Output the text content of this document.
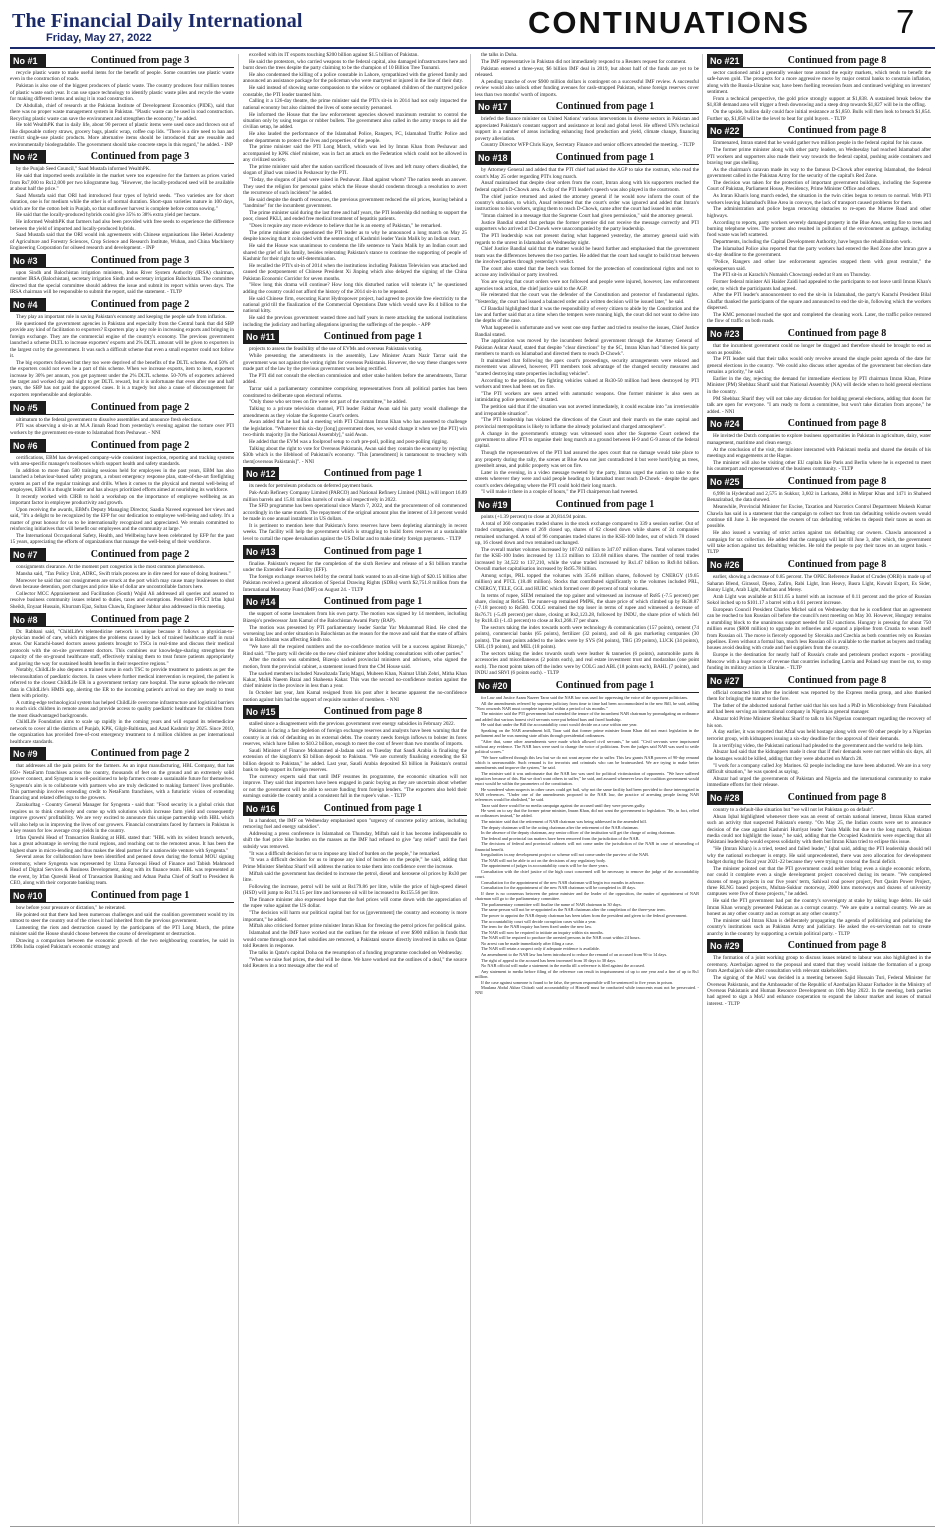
The Financial Daily International
Friday, May 27, 2022	CONTINUATIONS	7
No #1	Continued from page 3

recycle plastic waste to make useful items for the benefit of people. Some countries use plastic waste even in the construction of roads.

Pakistan is also one of the biggest producers of plastic waste. The country produces four million tonnes of plastic waste each year. It can use space technology to identify plastic waste piles and recycle the waste for making different items and using it in road construction.

Dr Abdullah, chief of research at the Pakistan Institute of Development Economics (PIDE), said that there was no proper waste management system in Pakistan. "Plastic waste can be used in road construction. Recycling plastic waste can save the environment and strengthen the economy," he added.

He told WealthPK that in daily life, about 90 percent of plastic items were used once and thrown out of like disposable cutlery straws, grocery bags, plastic wrap, coffee cup lids. "There is a dire need to ban and restrict single-use plastic products. More alternative items should be introduced that are reusable and environmentally biodegradable. The government should take concrete steps in this regard," he added. - INP

No #2	Continued from page 3

by the Punjab Seed Council," Saad Mustafa informed WealthPK.

He said that imported seeds available in the market were too expensive for the farmers as prices varied from Rs7,000 to Rs12,000 per two kilogramme bag. "However, the locally-produced seed will be available at about half the price."

Saad Mustafa said that ORI had introduced four types of hybrid seeds. "Two varieties are for short duration, one is for medium while the other is of normal duration. Short-span varieties mature in 100 days, which are for the cotton belt in Punjab, so that sunflower harvest is complete before cotton sowing."

He said that the locally-produced hybrids could give 35% to 38% extra yield per hectare.

He informed WealthPK that farmers had also been provided with free seeds to experience the difference between the yield of imported and locally-produced hybrids.

Saad Mustafa said that the ORI would ink agreements with Chinese organisations like Hebei Academy of Agriculture and Forestry Sciences, Crop Science and Research Institute, Wuhan, and China Machinery Engineering Corporation for oilseed research and development. - INP

No #3	Continued from page 3

upon Sindh and Balochistan irrigation ministers, Indus River System Authority (IRSA) chairman, member IRSA (Balochistan), secretary irrigation Sindh and secretary irrigation Balochistan. The committee directed that the special committee should address the issue and submit its report within seven days. The IRSA chairman will be responsible to submit the report, said the statement. - TLTP

No #4	Continued from page 2

They play an important role in saving Pakistan's economy and keeping the people safe from inflation.

He questioned the government agencies in Pakistan and especially from the Central bank that did SBP provide any kind of facilitation to exporters? Exporters play a key role in increasing exports and bringing in foreign exchange. They are the commercial engine of the country's economy. The previous government launched a scheme DLTL to increase exporters' exports and 2% DLTL amount will be given to exporters in the largest cut by the government. It was such a difficult scheme that even a small exporter could not follow it.

The big exporters followed but they too were deprived of the benefits of the DLTL scheme. And 50% of the exporters could not even be a part of this scheme. When we increase exports, item to item, exporters increase by 30% per annum, you get payment under the 2% DLTL scheme. 50-70% of exporters achieved the target and worked day and night to get DLTL reward, but it is unfortunate that even after one and half years, the SBP has not paid the approved cases. It is a tragedy but also a cause of discouragement for exporters reprehensible and deplorable.

No #5	Continued from page 2

ultimatum to the federal government to dissolve assemblies and announce fresh elections.

PTI was observing a sit-in at M.A Jinnah Road from yesterday's evening against the torture over PTI workers by the government en-route to Islamabad from Peshawar. - NNI

No #6	Continued from page 2

certifications, EBM has developed company-wide consistent inspection, reporting and tracking systems with area-specific manager's toolboxes which support health and safety standards.

In addition to more than 580 training sessions held for employees in the past years, EBM has also launched a behaviour-based safety program, a robust emergency response plan, state-of-the-art firefighting system as part of the regular trainings and drills. When it comes to the physical and mental well-being of employees, EBM is a thought leader and has always prioritized efforts aimed at nourishing its workforce.

It recently worked with CIRB to hold a workshop on the importance of employee wellbeing as an important factor in employee productivity and growth.

Upon receiving the awards, EBM's Deputy Managing Director, Saadia Naveed expressed her views and said, "It's a delight to be recognized by the EFP for our dedication to employee well-being and safety. It's a matter of great honour for us to be internationally recognized and appreciated. We remain committed to reinforcing initiatives that will benefit our employees and the community at large."

The International Occupational Safety, Health, and Wellbeing have been celebrated by EFP for the past 15 years, appreciating the efforts of organizations that manage the well-being of their workforce.

No #7	Continued from page 2

consignments clearance. At the moment port congestion is the most common phenomenon.

Mansha said, "Tax Policy Unit, ADRC, Swift trials process are in dire need for ease of doing business."

Moreover he said that our consignments are struck at the port which may cause many businesses to shut down because detention, port charges and price hike of dollar are uncontrollable factors here.

Collector MCC Appraisement and Facilitation (South) Wajid Ali addressed all queries and assured to resolve business community issues related to duties, taxes and exemptions. President FPCCI Irfan Iqbal Sheikh, Enyaat Hussain, Khurram Ejaz, Sultan Chawla, Engineer Jabbar also addressed in this meeting.

No #8	Continued from page 2

Dr. Rabbani said, "ChildLife's telemedicine network is unique because it follows a physician-to-physician model of care, which mitigates the problems caused by lack of trained healthcare staff in rural areas. Our Karachi-based doctors assess patients brought to TSCs in real-time and discuss their medical protocols with the on-site government doctors. This combines our knowledge-sharing strengthens the capacity of the on-ground healthcare staff, effectively training them to treat future patients appropriately and paving the way for sustained health benefits in their respective regions."

Notably, ChildLife also deputes a trained nurse in each TSC to provide treatment to patients as per the teleconsultation of paediatric doctors. In cases where further medical intervention is required, the patient is referred to the closest ChildLife ER in a government tertiary care hospital. The nurse uploads the relevant data in ChildLife's HMIS app, alerting the ER to the incoming patient's arrival so they are ready to treat them with priority.

A cutting-edge technological system has helped ChildLife overcome infrastructure and logistical barriers to reach sick children in remote areas and provide access to quality paediatric healthcare for children from the most disadvantaged backgrounds.

ChildLife Foundation aims to scale up rapidly in the coming years and will expand its telemedicine network to cover all the districts of Punjab, KPK, Gilgit-Baltistan, and Azad Kashmir by 2025. Since 2010, the organization has provided free-of-cost emergency treatment to 4 million children as per international healthcare standards.

No #9	Continued from page 2

that addresses all the pain points for the farmers. As an input manufacturing, HBL Company, that has 850+ NetaFarm franchises across the country, thousands of feet on the ground and an extremely solid grower connect, and Syngenta is well-positioned to help farmers create a sustainable future for themselves. Syngenta's aim is to collaborate with partners who are truly dedicated to making farmers' lives profitable. This partnership involves extending credit to NetaFarm franchises, with a futuristic vision of extending financing and related offerings to the growers.

Zarakurltag - Country General Manager for Syngenta - said that: "Food security is a global crisis that requires us to think creatively and come up with solutions which increase farm yield and consequently improve growers' profitability. We are very excited to announce this unique partnership with HBL which will also help us in improving the lives of our growers. Financial constraints faced by farmers in Pakistan is a key reason for low average crop yields in the country.

Irfan Qureshi Head of Transaction Banking at HBL stated that: "HBL with its widest branch network, has a great advantage in serving the rural regions, and reaching out to the remotest areas. It has been the highest share in micro-lending and thus makes the ideal partner for a nationwide venture with Syngenta."

Several areas for collaboration have been identified and penned down during the formal MOU signing ceremony, where Syngenta was represented by Uzma Farooqui Head of Finance and Tabish Mahmood Head of Digital Services & Business Development, along with its finance team. HBL was represented at the event, by Irfan Qureshi Head of Transaction Banking and Adnan Pasha Chief of Staff to President & CEO, along with their corporate banking team.

No #10	Continued from page 1

bow before your pressure or dictation," he reiterated.

He pointed out that there had been numerous challenges and said the coalition government would try its utmost to steer the country out of the crises it had inherited from the previous government.

Lamenting the riots and destruction caused by the participants of the PTI Long March, the prime minister said the House should choose between the course of development or destruction.

Drawing a comparison between the economic growth of the two neighbouring countries, he said in 1990s India copied Pakistan's economic strategy and

excelled with its IT exports touching $200 billion against $1.5 billion of Pakistan.

He said the protestors, who carried weapons to the federal capital, also damaged infrastructures here and burnt down the trees despite the party claiming to be the champion of 10 Billion Tree Tsunami.

He also condemned the killing of a police constable in Lahore, sympathized with the grieved family and announced an assistance package for the policeman who were martyred or injured in the line of their duty.

He said instead of showing some compassion to the widow or orphaned children of the martyred police constable, the PTI leader taunted him.

Calling it a 126-day theatre, the prime minister said the PTI's sit-in in 2014 had not only impacted the national economy but also claimed the lives of some security personnel.

He informed the House that the law enforcement agencies showed maximum restraint to control the situation only by using teargas or rubber bullets. The government also called in the army troops to aid the civilian setup, he added.

He also lauded the performance of the Islamabad Police, Rangers, FC, Islamabad Traffic Police and other departments to protect the lives and properties of the people.

The prime minister said the PTI Long March, which was led by Imran Khan from Peshawar and accompanied by KPK chief minister, was in fact an attack on the Federation which could not be allowed in any civilized society.

The prime minister said after the nation sacrificed thousands of lives and left many others disabled, the slogan of jihad was raised in Peshawar by the PTI.

"Today, the slogans of jihad were raised in Peshawar. Jihad against whom? The nation needs an answer. They used the religion for personal gains which the House should condemn through a resolution to avert the recurrence of such incidents" he added.

He said despite the dearth of resources, the previous government reduced the oil prices, leaving behind a "landmine" for the incumbent government.

The prime minister said during the last three and half years, the PTI leadership did nothing to support the poor, closed PKLI, and ended free medical treatment of hepatitis patients.

"Does it require any more evidence to believe that he is an enemy of Pakistan," he remarked.

The prime minister also questioned the PTI leader as to why he announced a long march on May 25 despite knowing that it coincided with the sentencing of Kashmiri leader Yasin Malik by an Indian court.

He said the House was unanimous to condemn the life sentence to Yasin Malik by an Indian court and shared the grief of his family, besides reiterating Pakistan's stance to continue the supporting of people of Kashmir for their right to self-determination.

He recalled the PTI's sit-in of 2014 when the institutions including Pakistan Television was attacked and caused the postponement of Chinese President Xi Jinping which also delayed the signing of the China Pakistan Economic Corridor for seven months.

"How long this drama will continue? How long this disturbed nation will tolerate it," he questioned adding the country could not afford the history of the 2014 sit-in to be repeated.

He said Chinese firm, executing Karot Hydropower project, had agreed to provide free electricity to the national grid till the finalization of the Commercial Operations Date which would save Rs 4 billion to the national kitty.

He said the previous government wasted three and half years in mere attacking the national institutions including the judiciary and hurling allegations ignoring the sufferings of the people. - APP

No #11	Continued from page 1

projects to assess the feasibility of the use of EVMs and overseas Pakistanis voting.

While presenting the amendments in the assembly, Law Minister Azam Nazir Tarrar said the government was not against the voting rights for overseas Pakistanis. However, the way these changes were made part of the law by the previous government was being rectified.

The PTI did not consult the election commission and other stake holders before the amendments, Tarrar added.

Tarrar said a parliamentary committee comprising representatives from all political parties has been constituted to deliberate upon electoral reforms.

"Only those who set trees on fire were not part of the committee," he added.

Talking to a private television channel, PTI leader Fakhar Awan said his party would challenge the amendments as they violate the Supreme Court's orders.

Awan added that he had had a meeting with PTI Chairman Imran Khan who has assented to challenge the legislation. "Whatever this six-day [long] government does, we would change it when we [the PTI] win two-thirds majority [in the National Assembly]," said Awan.

He added that the EVM was a foolproof setup to curb pre-poll, polling and post-polling rigging.

Talking about the right to vote for Overseas Pakistanis, Awan said they contain the economy by rejecting $30b which is the lifeblood of Pakistani's economy. "This [amendment] is tantamount to treachery with them[overseas Pakistanis]". - NNI

No #12	Continued from page 1

its needs for petroleum products on deferred payment basis.

Pak-Arab Refinery Company Limited (PARCO) and National Refinery Limited (NRL) will import 16.89 million barrels and 15.81 million barrels of crude oil respectively in 2022.

The SFD programme has been operational since March 7, 2022, and the procurement of oil commenced accordingly in the same month. The repayment of the original amount plus the interest of 3.8 percent would be made in one annual instalment in US dollars.

It is pertinent to mention here that Pakistan's forex reserves have been depleting alarmingly in recent weeks. The facility will help the government which is struggling to build forex reserves at a sustainable level to curtail the rupee devaluation against the US Dollar and to make timely foreign payments. - TLTP

No #13	Continued from page 1

finalise. Pakistan's request for the completion of the sixth Review and release of a $1 billion tranche under the Extended Fund Facility (EFF).

The foreign exchange reserves held by the central bank wanted to an all-time high of $20.15 billion after Pakistan received a general allocation of Special Drawing Rights (SDRs) worth $2,751.8 million from the International Monetary Fund (IMF) on August 24. - TLTP

No #14	Continued from page 1

the support of some lawmakers from his own party. The motion was signed by 14 members, including Bizenjo's predecessor Jam Kamal of the Balochistan Awami Party (BAP).

The motion was presented by PTI parliamentary leader Sardar Yar Muhammad Rind. He cited the worsening law and order situation in Balochistan as the reason for the move and said that the state of affairs on in Balochistan was affecting Sindh too.

"We have all the required numbers and the no-confidence motion will be a success against Bizenjo," Rind said. "The party will decide on the new chief minister after holding consultations with other parties."

After the motion was submitted, Bizenjo sacked provincial ministers and advisers, who signed the motion, from the provincial cabinet, a statement issued from the CM House said.

The sacked members included Nawabzada Tariq Magsi, Mubeen Khan, Naimat Ullah Zehri, Mitha Khan Kakar, Malik Naeem Bazai and Shaheena Kakar. This was the second no-confidence motion against the chief minister in the province in less than a year.

In October last year, Jam Kamal resigned from his post after it became apparent the no-confidence motion against him had the support of requisite number of members. - NNI

No #15	Continued from page 8

stalled since a disagreement with the previous government over energy subsidies in February 2022.

Pakistan is facing a fast depletion of foreign exchange reserves and analysts have been warning that the country is at risk of defaulting on its external debts. The country needs foreign inflows to bolster its forex reserves, which have fallen to $10.2 billion, enough to meet the cost of fewer than two months of imports.

Saudi Minister of Finance Mohammed al-Jadaan said on Tuesday that Saudi Arabia is finalising the extension of the kingdom's $3 billion deposit to Pakistan. "We are currently finalising extending the $3 billion deposit to Pakistan," he added. Last year, Saudi Arabia deposited $3 billion in Pakistan's central bank to help support its foreign reserves.

The currency experts said that until IMF resumes its programme, the economic situation will not improve. They said that importers have been engaged in panic buying as they are uncertain about whether or not the government will be able to secure funding from foreign lenders. "The exporters also held their earnings outside the country amid a consistent fall in the rupee's value. - TLTP

No #16	Continued from page 1

In a handout, the IMF on Wednesday emphasised upon "urgency of concrete policy actions, including removing fuel and energy subsidies".

Addressing a press conference in Islamabad on Thursday, Miftah said it has become indispensable to shift the fuel price hike burden on the masses as the IMF had refused to give "any relief" until the fuel subsidy was removed.

"It was a difficult decision for us to impose any kind of burden on the people," he remarked.

"It was a difficult decision for us to impose any kind of burden on the people," he said, adding that Prime Minister Shehbaz Sharif will address the nation to take them into confidence over the increase.

Miftah said the government has decided to increase the petrol, diesel and kerosene oil prices by Rs30 per litre.

Following the increase, petrol will be sold at Rs179.86 per litre, while the price of high-speed diesel (HSD) will jump to Rs174.15 per litre and kerosene oil will be increased to Rs155.56 per litre.

The finance minister also expressed hope that the fuel prices will come down with the appreciation of the rupee value against the US dollar.

"The decision will harm our political capital but for us [government] the country and economy is more important," he added.

Miftah also criticised former prime minister Imran Khan for freezing the petrol prices for political gains.

Islamabad and the IMF have worked out the outlines for the release of over $900 million in funds that would come through once fuel subsidies are removed, a Pakistani source directly involved in talks on Qatar told Reuters in response.

The talks in Qatar's capital Doha on the resumption of a funding programme concluded on Wednesday.

"When we raise fuel prices, the deal will be done. We have worked out the outlines of a deal," the source told Reuters in a text message after the end of

the talks in Doha.

The IMF representative in Pakistan did not immediately respond to a Reuters request for comment.

Pakistan entered a three-year, $6 billion IMF deal in 2019, but about half of the funds are yet to be released.

A pending tranche of over $900 million dollars is contingent on a successful IMF review. A successful review would also unlock other funding avenues for cash-strapped Pakistan, whose foreign reserves cover less than two months' worth of imports.

No #17	Continued from page 1

briefed the finance minister on United Nations' various interventions in diverse sectors in Pakistan and appreciated Pakistan's constant support and assistance at local and global level. He offered UN's technical support in a number of areas including enhancing food production and yield, climate change, financing poverty alleviation.

Country Director WFP Chris Kaye, Secretary Finance and senior officers attended the meeting. - TLTP

No #18	Continued from page 1

by Attorney General and added that the PTI chief had asked the AGP to take the rostrum, who read the court's May 25 order regarding PTI's long march.

Ansaf maintained that despite clear orders from the court, Imran along with his supporters reached the federal capital's D-Chowk area. A clip of the PTI leader's speech was also played in the courtroom.

The chief justice returned and asked the attorney general if he would now inform the court of the country's situation, to which, Ansaf reiterated that the court's order was ignored and added that Imran's instructions to his workers, urging them to reach D-Chowk, came after the court had issued its order.

"Imran claimed in a message that the Supreme Court had given permission," said the attorney general.

Justice Bandial stated that perhaps the former premier did not receive the message correctly and PTI supporters who arrived at D-Chowk were unaccompanied by the party leadership.

The PTI leadership was not present during what happened yesterday, the attorney general said with regards to the unrest in Islamabad on Wednesday night.

Chief Justice Bandial said that the matter would be heard further and emphasised that the government team was the differences between the two parties. He added that the court had sought to build trust between the involved parties through yesterday's verdict.

The court also stated that the bench was formed for the protection of constitutional rights and not to accuse any individual or party involved.

You are saying that court orders were not followed and people were injured, however, law enforcement agencies took action, the chief justice said to the AGP.

He reiterated that the court was the defender of the Constitution and protector of fundamental rights. "Yesterday, the court had issued a balanced order and a written decision will be issued later," he said.

CJ Bandial highlighted that it was the responsibility of every citizen to abide by the Constitution and the law and further said that at a time when the tempers were running high, the court did not want to delve into the depths of the case.

What happened is unfortunate and we went one step further and tried to resolve the issues, Chief Justice Bandial stated.

The application was moved by the incumbent federal government through the Attorney General of Pakistan Ashtar Ausaf, stated that despite "clear directions" by the SC, Imran Khan had "directed his party members to march on Islamabad and directed them to reach D-Chowk".

It maintained that following the apex court's proceedings, security arrangements were relaxed and movement was allowed, however, PTI members took advantage of the changed security measures and "started destroying state properties including vehicles".

According to the petition, fire fighting vehicles valued at Rs30-50 million had been destroyed by PTI workers and trees had been set on fire.

"The PTI workers are seen armed with automatic weapons. One former minister is also seen as intimidating police personnel," it stated.

The petition said that if the situation was not averted immediately, it could escalate into "an irretrievable and irreparable situation".

"The PTI leadership has violated the directions of the Court and their march on the state capital and provincial metropolitans is likely to inflame the already polarised and charged atmosphere".

A change in the government's strategy was witnessed soon after the Supreme Court ordered the government to allow PTI to organise their long march at a ground between H-9 and G-9 areas of the federal capital.

Though the representatives of the PTI had assured the apex court that no damage would take place to any property during the rally, the scenes at Blue Area not just contradicted it but were horrifying as trees, greenbelt areas, and public property was set on fire.

Later in the evening, in a video message tweeted by the party, Imran urged the nation to take to the streets wherever they were and said people heading to Islamabad must reach D-Chowk - despite the apex court's orders delegating where the PTI could hold their long march.

"I will make it there in a couple of hours," the PTI chairperson had tweeted.

No #19	Continued from page 1

points (+1.39 percent) to close at 20,814.94 points.

A total of 360 companies traded shares in the stock exchange compared to 339 a session earlier. Out of traded companies, shares of 269 closed up, shares of 62 closed down while shares of 24 companies remained unchanged. A total of 96 companies traded shares in the KSE-100 Index, out of which 78 closed up, 16 closed down and two remained unchanged.

The overall market volumes increased by 107.02 million to 347.07 million shares. Total volumes traded for the KSE-100 Index increased by 13.13 million to 133.68 million shares. The number of total trades increased by 34,522 to 137,210, while the value traded increased by Rs1.47 billion to Rs9.04 billion. Overall market capitalisation increased by Rs95.78 billion.

Among scrips, PRL topped the volumes with 35.66 million shares, followed by CNERGY (19.65 million) and PTCL (18.48 million). Stocks that contributed significantly to the volumes included PRL, CNERGY, TELE, GGL and HUBC which formed over 40 percent of total volumes.

In terms of rupee, SIEM remained the top gainer and witnessed an increase of Rs85 (-7.5 percent) per share, closing at Rs645. The runner-up remained PMPK, the share price of which climbed up by Rs38.87 (-7.18 percent) to Rs580. COLG remained the top loser in terms of rupee and witnessed a decrease of Rs76.71 (-5.49 percent) per share, closing at Rs2,123.28, followed by INDU, the share price of which fell by Rs18.43 (-1.43 percent) to close at Rs1,268.17 per share.

The sectors taking the index towards north were technology & communication (157 points), cement (74 points), commercial banks (65 points), fertilizer (32 points), and oil & gas marketing companies (30 points). The most points added to the index were by SYS (94 points), TRG (39 points), LUCK (34 points), UBL (19 points), and MEL (18 points).

The sectors taking the index towards south were leather & tanneries (6 points), automobile parts & accessories and miscellaneous (2 points each), and real estate investment trust and modarabas (one point each). The most points taken off the index were by COLG and ABL (18 points each), BAHL (7 points), and INDU and SRVI (6 points each). - TLTP

No #20	Continued from page 1

for Law and Justice Azam Nazeer Tarar said the NAB law was used for oppressing the voice of the opponent politicians.

All the amendments referred by supreme judiciary from time to time had been accommodated in the new Bill, he said, adding "Now onwards NAB must complete inquiries within a period of six months."

The minister said the PTI government had extended the tenure of the incumbent NAB chairman by promulgating an ordinance and added that various honest civil servants were put behind bars and faced hardship.

He said that under the Bill the accountability court would decide on a case within one year.

Speaking on the NAB amendment bill, Tarar said that former prime minister Imran Khan did not enact legislation in the parliament and he was running state affairs through presidential ordinances.

"After that, some other amendments were made which allowed civil servants," he said. "Civil servants were imprisoned without any evidence. The NAB laws were used to change the voice of politicians. Even the judges said NAB was used to settle political scores."

"We have suffered through this law but we do not want anyone else to suffer. This law grants NAB powers of 90-day remand which is unreasonable. Such remand is for terrorists and criminals who can be brainwashed. We are trying to make better amendments and improve the system," he said.

The minister said it was unfortunate that the NAB law was used for political victimization of opponents. "We have suffered injustices because of this. But we don't want others to suffer," he said, and assured whenever laws the coalition government would enact would be within the parameters of the constitution.

He wondered when suspects in other cases could get bail, why not the same facility had been provided to those interrogated in NAB references. "Under one of the amendments proposed to the NAB law, the practice of arresting people facing NAB references would be abolished," he said.

Tarar said there would be no media campaign against the accused until they were proven guilty.

He went on to say that the former prime minister, Imran Khan, did not want the government to legislation. "He, in fact, relied on ordinances instead," he added.

The minister said that the retirement of NAB chairman was being addressed in the amended bill.

The deputy chairman will be the acting chairman after the retirement of the NAB chairman.

In the absence of the deputy chairman, any senior officer of the institution will get the charge of acting chairman.

The federal and provincial tax matters have been removed from the jurisdiction of the NAB.

The decisions of federal and provincial cabinets will not come under the jurisdiction of the NAB in case of misreading of financial benefit.

Irregularities in any development project or scheme will not come under the purview of the NAB.

The NAB will not be able to act on the decisions of any regulatory body.

The appointment of judges in accountability courts will be for three years.

Consultation with the chief justice of the high court concerned will be necessary to remove the judge of the accountability court.

Consultation for the appointment of the new NAB chairman will begin two months in advance.

Consultation for the appointment of the new NAB chairman will be completed in 40 days.

If there is no consensus between the prime minister and the leader of the opposition, the matter of appointment of NAB chairman will go to the parliamentary committee.

The parliamentary committee will finalise the name of NAB chairman in 30 days.

The same person will not be re-appointed as the NAB chairman after the completion of the three-year term.

The power to appoint the NAB deputy chairman has been taken from the president and given to the federal government.

The accountability court will decide corruption cases within a year.

The term for the NAB inquiry has been fixed under the new law.

The NAB will now be required to initiate an inquiry within six months.

The NAB will be required to produce the arrested persons in the NAB court within 24 hours.

No arrest can be made immediately after filing a case.

The NAB will retain a suspect only if adequate evidence is available.

An amendment to the NAB law has been introduced to reduce the remand of an accused from 90 to 14 days.

The right of appeal to the accused has been increased from 10 days to 30 days.

No NAB official will make a statement in the media till a reference is filed against the accused.

Any statement to media before filing of the reference can result in imprisonment of up to one year and a fine of up to Rs1 million.

If the case against someone is found to be false, the person responsible will be sentenced to five years in prison.

Maulana Abdul Akbar Chitrali said accountability of Himself must be conducted while innocents must not be persecuted. - NNI

No #21	Continued from page 8

sector cautioned amid a generally weaker tone around the equity markets, which tends to benefit the safe-haven gold. The prospects for a more aggressive move by major central banks to constrain inflation, along with the Russia-Ukraine war, have been fuelling recession fears and continued weighing on investors' sentiment.

From a technical perspective, the gold price strongly support at $1,838. A sustained break below the $1,838 demand area will trigger a fresh downswing and a steep drop towards $1,827 will be in the offing.

On the upside, bullion daily could face initial resistance at $1,850. Bulls will then look to breach $1,854. Further up, $1,858 will be the level to beat for gold buyers. - TLTP

No #22	Continued from page 8

Emmenared, Imran stated that he would gather two million people in the federal capital for his cause.

The former prime minister along with other party leaders, on Wednesday had reached Islamabad after PTI workers and supporters also made their way towards the federal capital, pushing aside containers and braving tear gas shelling.

As the chairman's caravan made its way to the famous D-Chowk after entering Islamabad, the federal government called in the Pakistan Army for the security of the capital's Red Zone.

The decision was taken for the protection of important government buildings, including the Supreme Court of Pakistan, Parliament House, Presidency, Prime Minister Office and others.

As Imran Khan's long march ended, the situation in the twin cities began to return to normal. With PTI workers leaving Islamabad's Blue Area in convoys, the lack of transport caused problems for them.

The administration and police began removing obstacles to re-open the Murree Road and other highways.

According to reports, party workers severely damaged property in the Blue Area, setting fire to trees and burning telephone wires. The protest also resulted in pollution of the environment as garbage, including food waste was left scattered.

Departments, including the Capital Development Authority, have begun the rehabilitation work.

The Islamabad Police also reported that the party workers had entered the Red Zone after Imran gave a six-day deadline to the government.

"Police, Rangers and other law enforcement agencies stopped them with great restraint," the spokesperson said.

The PTI sit-in at Karachi's Numaish Chowrangi ended at 8 am on Thursday.

Former federal minister Ali Haider Zaidi had appealed to the participants to not leave until Imran Khan's order, to which the participants had agreed.

After the PTI leader's announcement to end the sit-in in Islamabad, the party's Karachi President Bilal Ghaffar thanked the participants of the square and announced to end the sit-in, following which the workers dispersed.

The KMC personnel reached the spot and completed the cleaning work. Later, the traffic police restored the flow of traffic on both roads.

No #23	Continued from page 8

that the incumbent government could no longer be dragged and therefore should be brought to end as soon as possible.

The PTI leader said that their talks would only revolve around the single point agenda of the date for general elections in the country. "We could also discuss other agendas of the government but election date remains a priority," he said.

Earlier in the day, rejecting the demand for immediate elections by PTI chairman Imran Khan, Prime Minister (PM) Shehbaz Sharif said that National Assembly (NA) will decide when to hold general elections in the country.

PM Shehbaz Sharif they will not take any dictation for holding general elections, adding that doors for talk are open for everyone. "I am ready to form a committee, but won't take dictation from anyone," he added. - NNI

No #24	Continued from page 8

He invited the Dutch companies to explore business opportunities in Pakistan in agriculture, dairy, water management, maritime and clean energy.

At the conclusion of the visit, the minister interacted with Pakistani media and shared the details of his meetings and engagements at the Hague.

The minister will also be visiting other EU capitals like Paris and Berlin where he is expected to meet his counterpart and representatives of the business community. - TLTP

No #25	Continued from page 8

6,998 in Hyderabad and 2,575 in Sukkur, 3,602 in Larkana, 2884 in Mirpur Khas and 1471 in Shaheed Benazirabad, the data showed.

Meanwhile, Provincial Minister for Excise, Taxation and Narcotics Control Department Mukesh Kumar Chawla has said in a statement that the campaign to collect tax from tax defaulting vehicle owners would continue till June 3. He requested the owners of tax defaulting vehicles to deposit their taxes as soon as possible.

He also issued a warning of strict action against tax defaulting car owners. Chawla announced a campaign for tax collection. He added that the campaign will last till June 3, after which, the government will take action against tax defaulting vehicles. He told the people to pay their taxes on an urgent basis. - TLTP

No #26	Continued from page 8

earlier, showing a decrease of 0.85 percent. The OPEC Reference Basket of Crudes (ORB) is made up of Saharan Blend, Girassol, Djeno, Zafiro, Rabi Light, Iran Heavy, Basra Light, Kuwait Export, Es Sider, Bonny Light, Arab Light, Murban and Merey.

Arab Light was available at $111.65 a barrel with an increase of 0.11 percent and the price of Russian Sokol inched up to $101.17 a barrel with a 0.61 percent increase.

European Council President Charles Michel said on Wednesday that he is confident that an agreement can be reached to ban Russian oil before the council's next meeting on May 30. However, Hungary remains a stumbling block to the unanimous support needed for EU sanctions. Hungary is pressing for about 750 million euros ($800 million) to upgrade its refineries and expand a pipeline from Croatia to wean itself from Russian oil. The move is fiercely opposed by Slovakia and Czechia as both countries rely on Russian pipelines. Even without a formal ban, much less Russian oil is available to the market as buyers and trading houses avoid dealing with crude and fuel suppliers from the country.

Europe is the destination for nearly half of Russia's crude and petroleum product exports - providing Moscow with a huge source of revenue that countries including Latvia and Poland say must be cut, to stop funding its military action in Ukraine. - TLTP

No #27	Continued from page 8

official contacted him after the incident was reported by the Express media group, and also thanked them for bringing the matter to the fore.

The father of the abducted national further said that his son had a PhD in Microbiology from Faisalabad and had been serving an international company in Nigeria as general manager.

Abuzar told Prime Minister Shehbaz Sharif to talk to his Nigerian counterpart regarding the recovery of his son.

A day earlier, it was reported that Afzal was held hostage along with over 60 other people by a Nigerian terrorist group, with kidnappers issuing a six-day deadline for the approval of their demands.

In a terrifying video, the Pakistani national had pleaded to the government and the world to help him.

Abuzar had said that the kidnappers made it clear that if their demands were not met within six days, all the hostages would be killed, adding that they were abducted on March 28.

"I work for a company called Joy Marines. 62 people including me have been abducted. We are in a very difficult situation," he was quoted as saying.

Abuzar had urged the governments of Pakistan and Nigeria and the international community to make immediate efforts for their release.

No #28	Continued from page 8

country to a default-like situation but "we will not let Pakistan go on default".

Ahsan Iqbal highlighted whenever there was an event of certain national interest, Imran Khan started such an activity that suspected Pakistan's enemy. "On May 25, the Indian courts were set to announce decision of the case against Kashmiri Hurriyat leader Yasin Malik but due to the long march, Pakistan media could not highlight the issue," he said, adding that the Occupied Kashmiris were expecting that all Pakistani leadership would express solidarity with them but Imran Khan tried to eclipse this issue.

"He (Imran Khan) is a tried, tested and failed leader," Iqbal said, adding the PTI leadership should tell why the national exchequer is empty. He said unprecedented, there was zero allocation for development budget during the fiscal year 2021-22 because they were trying to conceal the fiscal deficit.

The minister pointed out that the PTI government could neither bring even a single economic reform, nor could it complete even a single development project conceived during its tenure. "We completed dozens of mega projects in our five years' term, Sahiwal coal power project, Port Qasim Power Project, three RLNG based projects, Multan-Sukkur motorway, 2000 kms motorways and dozens of university campuses were five of those projects," he added.

He said the PTI government had put the country's sovereignty at stake by taking huge debts. He said Imran Khan wrongly presented Pakistan as a corrupt country. "We are quite a normal country. We are as honest as any other country and as corrupt as any other country."

The minister said Imran Khan is deliberately propagating the agenda of politicising and polarising the country's institutions such as Pakistan Army and judiciary. He asked the ex-serviceman not to create anarchy in the country by supporting a certain political party. - TLTP

No #29	Continued from page 8

The formation of a joint working group to discuss issues related to labour was also highlighted in the ceremony. Azerbaijan agreed to the proposal and stated that they would initiate the formation of a group from Azerbaijan's side after consultation with relevant stakeholders.

The signing of the MoU was decided in a meeting between Sajid Hussain Turi, Federal Minister for Overseas Pakistanis, and the Ambassador of the Republic of Azerbaijan Khazar Farhadov in the Ministry of Overseas Pakistanis and Human Resource Development on 10th May 2022. In the meeting, both parties had agreed to sign a MoU and enhance cooperation to expand the labour market and issues of mutual interest. - TLTP
